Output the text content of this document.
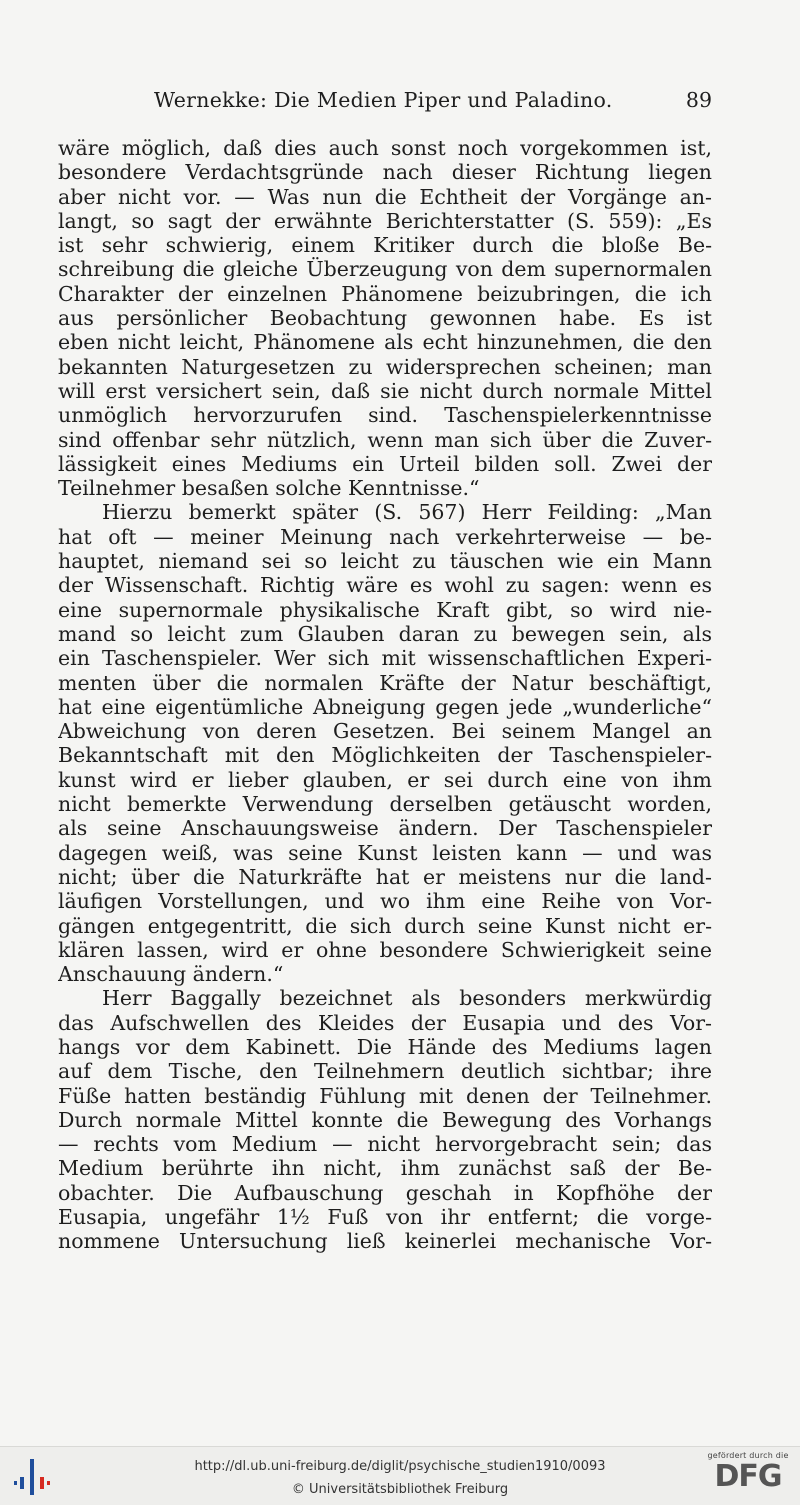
Wernekke: Die Medien Piper und Paladino.	89
wäre möglich, daß dies auch sonst noch vorgekommen ist,
besondere Verdachtsgründe nach dieser Richtung liegen
aber nicht vor. — Was nun die Echtheit der Vorgänge an-
langt, so sagt der erwähnte Berichterstatter (S. 559): „Es
ist sehr schwierig, einem Kritiker durch die bloße Be-
schreibung die gleiche Überzeugung von dem supernormalen
Charakter der einzelnen Phänomene beizubringen, die ich
aus persönlicher Beobachtung gewonnen habe. Es ist
eben nicht leicht, Phänomene als echt hinzunehmen, die den
bekannten Naturgesetzen zu widersprechen scheinen; man
will erst versichert sein, daß sie nicht durch normale Mittel
unmöglich hervorzurufen sind. Taschenspielerkenntnisse
sind offenbar sehr nützlich, wenn man sich über die Zuver-
lässigkeit eines Mediums ein Urteil bilden soll. Zwei der
Teilnehmer besaßen solche Kenntnisse.“
Hierzu bemerkt später (S. 567) Herr Feilding: „Man
hat oft — meiner Meinung nach verkehrterweise — be-
hauptet, niemand sei so leicht zu täuschen wie ein Mann
der Wissenschaft. Richtig wäre es wohl zu sagen: wenn es
eine supernormale physikalische Kraft gibt, so wird nie-
mand so leicht zum Glauben daran zu bewegen sein, als
ein Taschenspieler. Wer sich mit wissenschaftlichen Experi-
menten über die normalen Kräfte der Natur beschäftigt,
hat eine eigentümliche Abneigung gegen jede „wunderliche“
Abweichung von deren Gesetzen. Bei seinem Mangel an
Bekanntschaft mit den Möglichkeiten der Taschenspieler-
kunst wird er lieber glauben, er sei durch eine von ihm
nicht bemerkte Verwendung derselben getäuscht worden,
als seine Anschauungsweise ändern. Der Taschenspieler
dagegen weiß, was seine Kunst leisten kann — und was
nicht; über die Naturkräfte hat er meistens nur die land-
läufigen Vorstellungen, und wo ihm eine Reihe von Vor-
gängen entgegentritt, die sich durch seine Kunst nicht er-
klären lassen, wird er ohne besondere Schwierigkeit seine
Anschauung ändern.“
Herr Baggally bezeichnet als besonders merkwürdig
das Aufschwellen des Kleides der Eusapia und des Vor-
hangs vor dem Kabinett. Die Hände des Mediums lagen
auf dem Tische, den Teilnehmern deutlich sichtbar; ihre
Füße hatten beständig Fühlung mit denen der Teilnehmer.
Durch normale Mittel konnte die Bewegung des Vorhangs
— rechts vom Medium — nicht hervorgebracht sein; das
Medium berührte ihn nicht, ihm zunächst saß der Be-
obachter. Die Aufbauschung geschah in Kopfhöhe der
Eusapia, ungefähr 1½ Fuß von ihr entfernt; die vorge-
nommene Untersuchung ließ keinerlei mechanische Vor-
http://dl.ub.uni-freiburg.de/diglit/psychische_studien1910/0093
© Universitätsbibliothek Freiburg
gefördert durch die
DFG
